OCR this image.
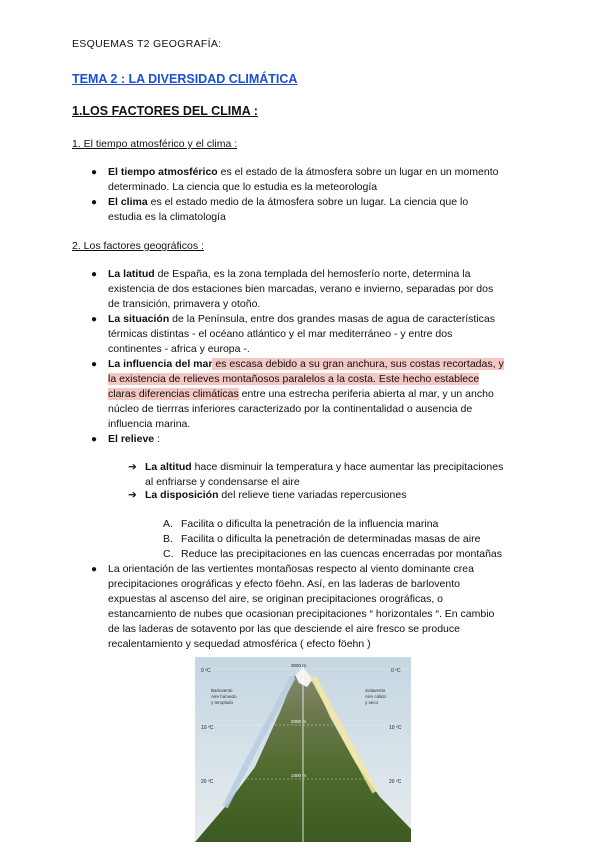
ESQUEMAS T2 GEOGRAFÍA:
TEMA 2 : LA DIVERSIDAD CLIMÁTICA
1.LOS FACTORES DEL CLIMA :
1. El tiempo atmosférico y el clima :
● El tiempo atmosférico es el estado de la átmosfera sobre un lugar en un momento
determinado. La ciencia que lo estudia es la meteorología
● El clima es el estado medio de la átmosfera sobre un lugar. La ciencia que lo
estudia es la climatología
2. Los factores geográficos :
● La latitud de España, es la zona templada del hemosferío norte, determina la
existencia de dos estaciones bien marcadas, verano e invierno, separadas por dos
de transición, primavera y otoño.
● La situación de la Península, entre dos grandes masas de agua de características
térmicas distintas - el océano atlántico y el mar mediterráneo - y entre dos
continentes - africa y europa -.
● La influencia del mar es escasa debido a su gran anchura, sus costas recortadas, y
la existencia de relieves montañosos paralelos a la costa. Este hecho establece
claras diferencias climáticas entre una estrecha periferia abierta al mar, y un ancho
núcleo de tierrras inferiores caracterizado por la continentalidad o ausencia de
influencia marina.
● El relieve :
➔ La altitud hace disminuir la temperatura y hace aumentar las precipitaciones
al enfriarse y condensarse el aire
➔ La disposición del relieve tiene variadas repercusiones
A. Facilita o dificulta la penetración de la influencia marina
B. Facilita o dificulta la penetración de determinadas masas de aire
C. Reduce las precipitaciones en las cuencas encerradas por montañas
● La orientación de las vertientes montañosas respecto al viento dominante crea
precipitaciones orográficas y efecto föehn. Así, en las laderas de barlovento
expuestas al ascenso del aire, se originan precipitaciones orográficas, o
estancamiento de nubes que ocasionan precipitaciones “ horizontales “. En cambio
de las laderas de sotavento por las que desciende el aire fresco se produce
recalentamiento y sequedad atmosférica ( efecto föehn )
0 ºC	0 ºC
10 ºC	10 ºC
20 ºC	20 ºC
3000 m
2000 m
1000 m
Barlovento
Aire húmedo
y templado
Sotavento
Aire cálido
y seco
